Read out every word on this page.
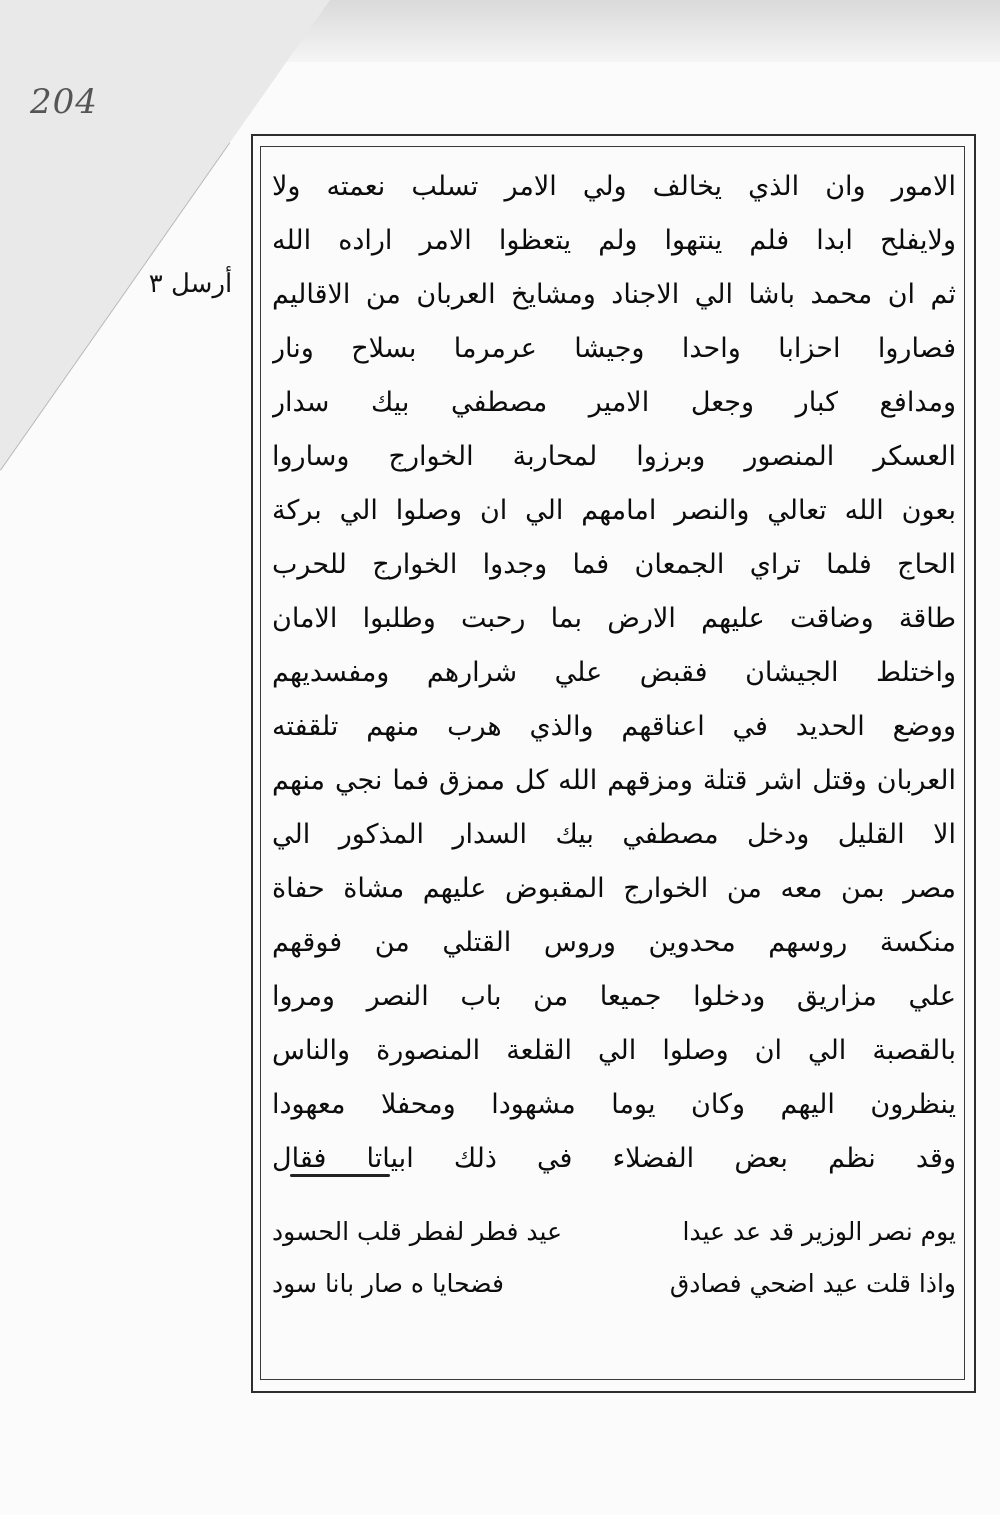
204
أرسل ٣
الامور وان الذي يخالف ولي الامر تسلب نعمته ولا
ولايفلح ابدا فلم ينتهوا ولم يتعظوا الامر اراده الله
ثم ان محمد باشا الي الاجناد ومشايخ العربان من الاقاليم
فصاروا احزابا واحدا وجيشا عرمرما بسلاح ونار
ومدافع كبار وجعل الامير مصطفي بيك سدار
العسكر المنصور وبرزوا لمحاربة الخوارج وساروا
بعون الله تعالي والنصر امامهم الي ان وصلوا الي بركة
الحاج فلما تراي الجمعان فما وجدوا الخوارج للحرب
طاقة وضاقت عليهم الارض بما رحبت وطلبوا الامان
واختلط الجيشان فقبض علي شرارهم ومفسديهم
ووضع الحديد في اعناقهم والذي هرب منهم تلقفته
العربان وقتل اشر قتلة ومزقهم الله كل ممزق فما نجي منهم
الا القليل ودخل مصطفي بيك السدار المذكور الي
مصر بمن معه من الخوارج المقبوض عليهم مشاة حفاة
منكسة روسهم محدوين وروس القتلي من فوقهم
علي مزاريق ودخلوا جميعا من باب النصر ومروا
بالقصبة الي ان وصلوا الي القلعة المنصورة والناس
ينظرون اليهم وكان يوما مشهودا ومحفلا معهودا
وقد نظم بعض الفضلاء في ذلك ابياتا فقال
يوم نصر الوزير قد عد عيدا
عيد فطر لفطر قلب الحسود
واذا قلت عيد اضحي فصادق
فضحايا ه صار بانا سود
